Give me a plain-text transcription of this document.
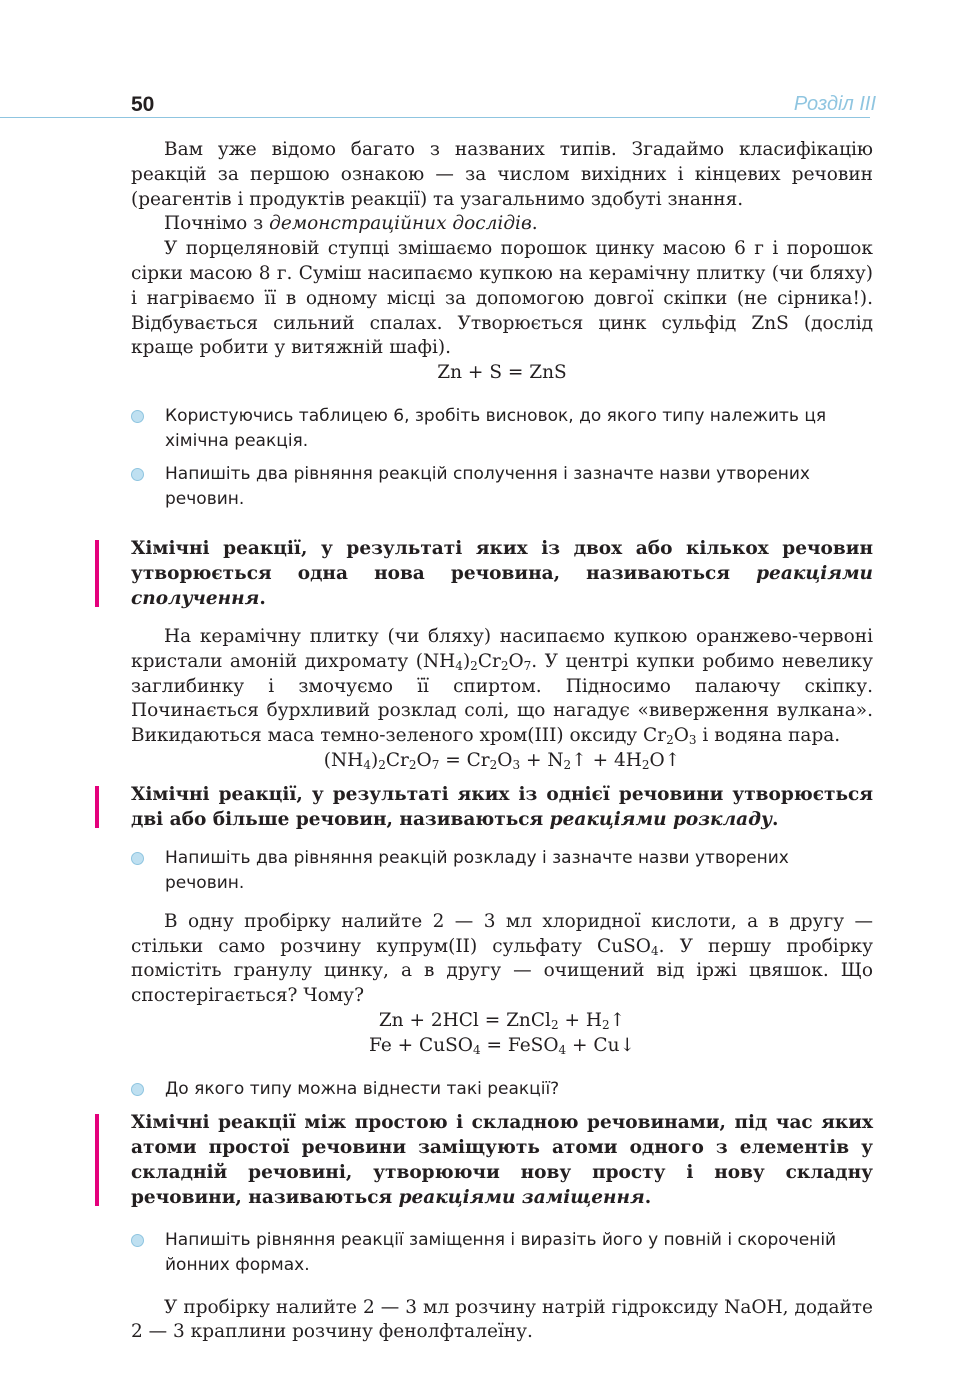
50	Розділ III

Вам уже відомо багато з названих типів. Згадаймо класифікацію реакцій за першою ознакою — за числом вихідних і кінцевих речовин (реагентів і продуктів реакції) та узагальнимо здобуті знання.

Почнімо з демонстраційних дослідів.

У порцеляновій ступці змішаємо порошок цинку масою 6 г і порошок сірки масою 8 г. Суміш насипаємо купкою на керамічну плитку (чи бляху) і нагріваємо її в одному місці за допомогою довгої скіпки (не сірника!). Відбувається сильний спалах. Утворюється цинк сульфід ZnS (дослід краще робити у витяжній шафі).

Zn + S = ZnS

Користуючись таблицею 6, зробіть висновок, до якого типу належить ця хімічна реакція.
Напишіть два рівняння реакцій сполучення і зазначте назви утворених речовин.
Хімічні реакції, у результаті яких із двох або кількох речовин утворюється одна нова речовина, називаються реакціями сполучення.

На керамічну плитку (чи бляху) насипаємо купкою оранжево-червоні кристали амоній дихромату $(NH_4)_2Cr_2O_7$. У центрі купки робимо невелику заглибинку і змочуємо її спиртом. Підносимо палаючу скіпку. Починається бурхливий розклад солі, що нагадує «виверження вулкана». Викидаються маса темно-зеленого хром(III) оксиду $Cr_2O_3$ і водяна пара.

$(NH_4)_2Cr_2O_7 = Cr_2O_3$ + $N_2↑$ + $4H_2O↑$

Хімічні реакції, у результаті яких із однієї речовини утворюється дві або більше речовин, називаються реакціями розкладу.
Напишіть два рівняння реакцій розкладу і зазначте назви утворених речовин.

В одну пробірку налийте 2 — 3 мл хлоридної кислоти, а в другу — стільки само розчину купрум(II) сульфату CuSO$_4$. У першу пробірку помістіть гранулу цинку, а в другу — очищений від іржі цвяшок. Що спостерігається? Чому?

Zn + 2HCl = ZnCl$_2$ + $H_2↑$

Fe + CuSO$_4$ = FeSO$_4$ + Cu↓

До якого типу можна віднести такі реакції?
Хімічні реакції між простою і складною речовинами, під час яких атоми простої речовини заміщують атоми одного з елементів у складній речовині, утворюючи нову просту і нову складну речовини, називаються реакціями заміщення.
Напишіть рівняння реакції заміщення і виразіть його у повній і скороченій йонних формах.

У пробірку налийте 2 — 3 мл розчину натрій гідроксиду NaOH, додайте 2 — 3 краплини розчину фенолфталеїну.
